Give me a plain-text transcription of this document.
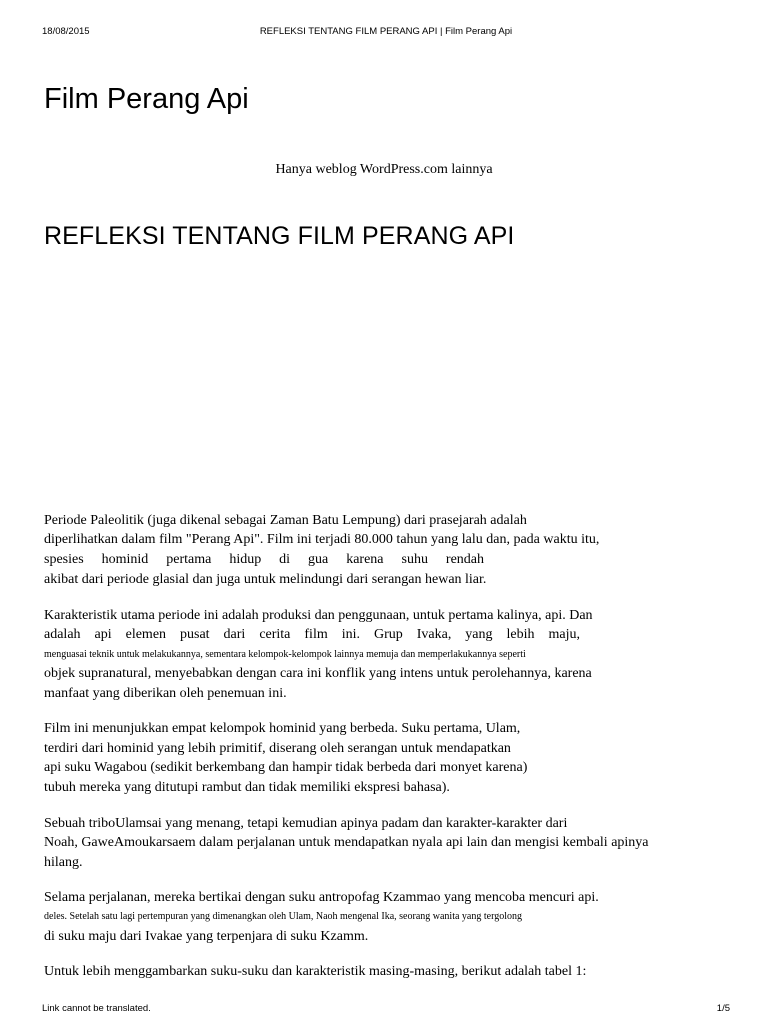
18/08/2015	REFLEKSI TENTANG FILM PERANG API | Film Perang Api
Film Perang Api
Hanya weblog WordPress.com lainnya
REFLEKSI TENTANG FILM PERANG API
Periode Paleolitik (juga dikenal sebagai Zaman Batu Lempung) dari prasejarah adalah
diperlihatkan dalam film "Perang Api". Film ini terjadi 80.000 tahun yang lalu dan, pada waktu itu,
spesies hominid pertama hidup di gua karena suhu rendah
akibat dari periode glasial dan juga untuk melindungi dari serangan hewan liar.
Karakteristik utama periode ini adalah produksi dan penggunaan, untuk pertama kalinya, api. Dan
adalah api elemen pusat dari cerita film ini. Grup Ivaka, yang lebih maju,
menguasai teknik untuk melakukannya, sementara kelompok-kelompok lainnya memuja dan memperlakukannya seperti
objek supranatural, menyebabkan dengan cara ini konflik yang intens untuk perolehannya, karena
manfaat yang diberikan oleh penemuan ini.
Film ini menunjukkan empat kelompok hominid yang berbeda. Suku pertama, Ulam,
terdiri dari hominid yang lebih primitif, diserang oleh serangan untuk mendapatkan
api suku Wagabou (sedikit berkembang dan hampir tidak berbeda dari monyet karena)
tubuh mereka yang ditutupi rambut dan tidak memiliki ekspresi bahasa).
Sebuah triboUlamsai yang menang, tetapi kemudian apinya padam dan karakter-karakter dari
Noah, GaweAmoukarsaem dalam perjalanan untuk mendapatkan nyala api lain dan mengisi kembali apinya
hilang.
Selama perjalanan, mereka bertikai dengan suku antropofag Kzammao yang mencoba mencuri api.
deles. Setelah satu lagi pertempuran yang dimenangkan oleh Ulam, Naoh mengenal Ika, seorang wanita yang tergolong
di suku maju dari Ivakae yang terpenjara di suku Kzamm.
Untuk lebih menggambarkan suku-suku dan karakteristik masing-masing, berikut adalah tabel 1:
Link cannot be translated.	1/5
